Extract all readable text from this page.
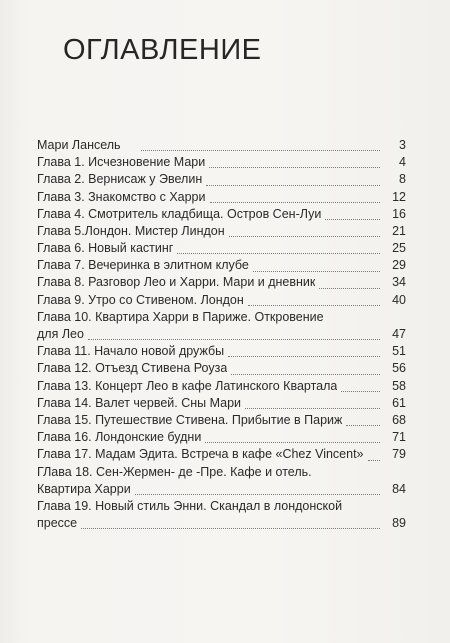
ОГЛАВЛЕНИЕ
Мари Лансель	3
Глава 1. Исчезновение Мари	4
Глава 2. Вернисаж у Эвелин	8
Глава 3. Знакомство с Харри	12
Глава 4. Смотритель кладбища. Остров Сен-Луи	16
Глава 5.Лондон. Мистер Линдон	21
Глава 6. Новый кастинг	25
Глава 7. Вечеринка в элитном клубе	29
Глава 8. Разговор Лео и Харри. Мари и дневник	34
Глава 9. Утро со Стивеном. Лондон	40
Глава 10. Квартира Харри в Париже. Откровение
для Лео	47
Глава 11. Начало новой дружбы	51
Глава 12. Отъезд Стивена Роуза	56
Глава 13. Концерт Лео в кафе Латинского Квартала	58
Глава 14. Валет червей. Сны Мари	61
Глава 15. Путешествие Стивена. Прибытие в Париж	68
Глава 16. Лондонские будни	71
Глава 17. Мадам Эдита. Встреча в кафе «Chez Vincent»	79
ГЛава 18. Сен-Жермен- де -Пре. Кафе и отель.
Квартира Харри	84
Глава 19. Новый стиль Энни. Скандал в лондонской
прессе	89
